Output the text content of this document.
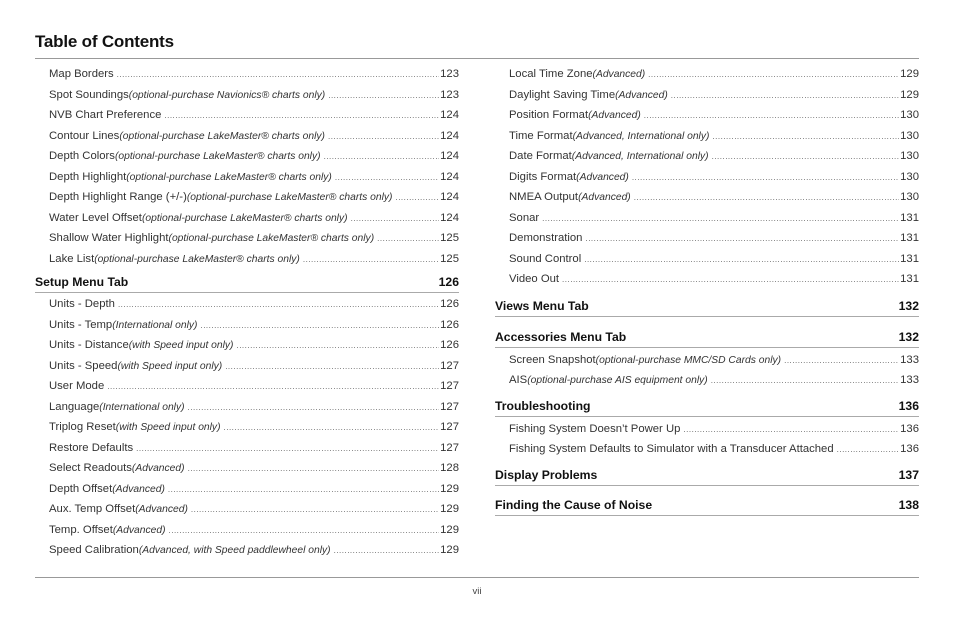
Table of Contents
Map Borders .....	123
Spot Soundings (optional-purchase Navionics® charts only) .....	123
NVB Chart Preference .....	124
Contour Lines (optional-purchase LakeMaster® charts only) .....	124
Depth Colors (optional-purchase LakeMaster® charts only) .....	124
Depth Highlight (optional-purchase LakeMaster® charts only) .....	124
Depth Highlight Range (+/-) (optional-purchase LakeMaster® charts only) .....	124
Water Level Offset (optional-purchase LakeMaster® charts only) .....	124
Shallow Water Highlight (optional-purchase LakeMaster® charts only) .....	125
Lake List (optional-purchase LakeMaster® charts only) .....	125
Setup Menu Tab	126
Units - Depth .....	126
Units - Temp (International only) .....	126
Units - Distance (with Speed input only) .....	126
Units - Speed (with Speed input only) .....	127
User Mode .....	127
Language (International only) .....	127
Triplog Reset (with Speed input only) .....	127
Restore Defaults .....	127
Select Readouts (Advanced) .....	128
Depth Offset (Advanced) .....	129
Aux. Temp Offset (Advanced) .....	129
Temp. Offset (Advanced) .....	129
Speed Calibration (Advanced, with Speed paddlewheel only) .....	129
Local Time Zone (Advanced) .....	129
Daylight Saving Time (Advanced) .....	129
Position Format (Advanced) .....	130
Time Format (Advanced, International only) .....	130
Date Format (Advanced, International only) .....	130
Digits Format (Advanced) .....	130
NMEA Output (Advanced) .....	130
Sonar .....	131
Demonstration .....	131
Sound Control .....	131
Video Out .....	131
Views Menu Tab	132
Accessories Menu Tab	132
Screen Snapshot (optional-purchase MMC/SD Cards only) .....	133
AIS (optional-purchase AIS equipment only) .....	133
Troubleshooting	136
Fishing System Doesn’t Power Up .....	136
Fishing System Defaults to Simulator with a Transducer Attached .....	136
Display Problems	137
Finding the Cause of Noise	138
vii
